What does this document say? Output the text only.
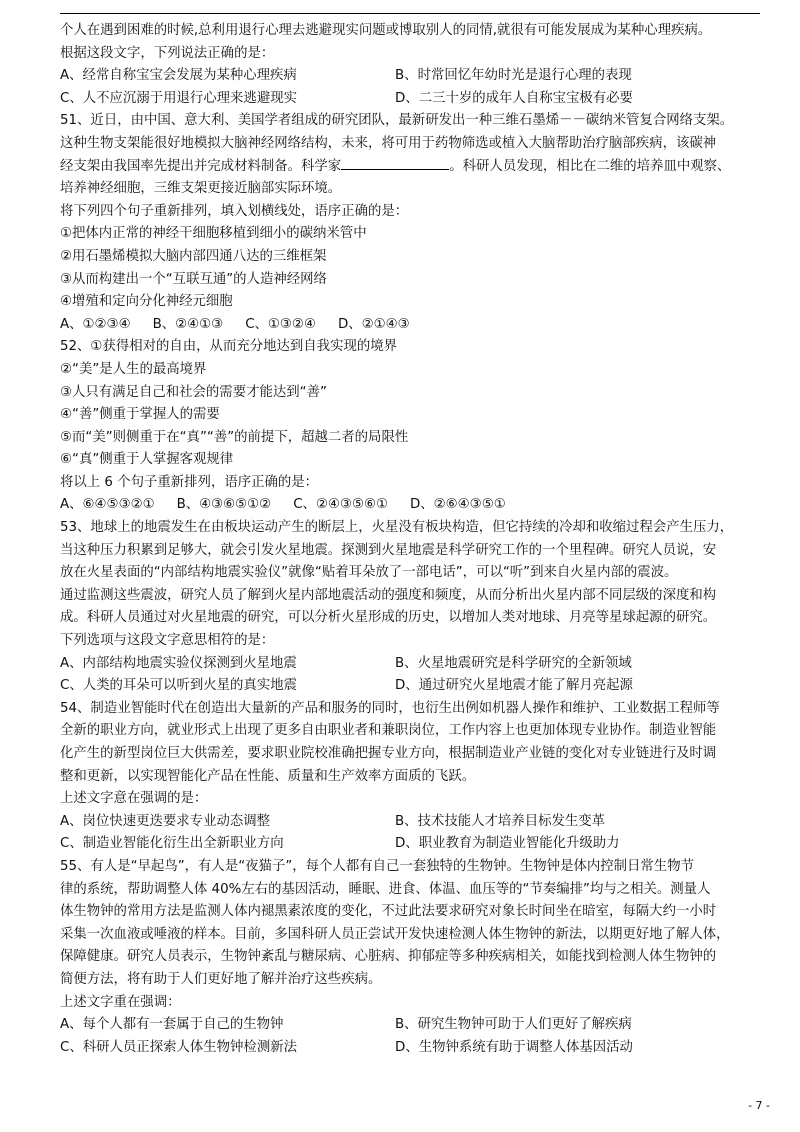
个人在遇到困难的时候,总利用退行心理去逃避现实问题或博取别人的同情,就很有可能发展成为某种心理疾病。
根据这段文字，下列说法正确的是：
A、经常自称宝宝会发展为某种心理疾病	B、时常回忆年幼时光是退行心理的表现
C、人不应沉溺于用退行心理来逃避现实	D、二三十岁的成年人自称宝宝极有必要
51、近日，由中国、意大利、美国学者组成的研究团队，最新研发出一种三维石墨烯－－碳纳米管复合网络支架。
这种生物支架能很好地模拟大脑神经网络结构，未来，将可用于药物筛选或植入大脑帮助治疗脑部疾病，该碳神
经支架由我国率先提出并完成材料制备。科学家	。科研人员发现，相比在二维的培养皿中观察、
培养神经细胞，三维支架更接近脑部实际环境。
将下列四个句子重新排列，填入划横线处，语序正确的是：
①把体内正常的神经干细胞移植到细小的碳纳米管中
②用石墨烯模拟大脑内部四通八达的三维框架
③从而构建出一个“互联互通”的人造神经网络
④增殖和定向分化神经元细胞
A、①②③④ B、②④①③ C、①③②④ D、②①④③
52、①获得相对的自由，从而充分地达到自我实现的境界
②“美”是人生的最高境界
③人只有满足自己和社会的需要才能达到“善”
④“善”侧重于掌握人的需要
⑤而“美”则侧重于在“真”“善”的前提下，超越二者的局限性
⑥“真”侧重于人掌握客观规律
将以上 6 个句子重新排列，语序正确的是：
A、⑥④⑤③②① B、④③⑥⑤①② C、②④③⑤⑥① D、②⑥④③⑤①
53、地球上的地震发生在由板块运动产生的断层上，火星没有板块构造，但它持续的冷却和收缩过程会产生压力，
当这种压力积累到足够大，就会引发火星地震。探测到火星地震是科学研究工作的一个里程碑。研究人员说，安
放在火星表面的“内部结构地震实验仪”就像“贴着耳朵放了一部电话”，可以“听”到来自火星内部的震波。
通过监测这些震波，研究人员了解到火星内部地震活动的强度和频度，从而分析出火星内部不同层级的深度和构
成。科研人员通过对火星地震的研究，可以分析火星形成的历史，以增加人类对地球、月亮等星球起源的研究。
下列选项与这段文字意思相符的是：
A、内部结构地震实验仪探测到火星地震	B、火星地震研究是科学研究的全新领域
C、人类的耳朵可以听到火星的真实地震	D、通过研究火星地震才能了解月亮起源
54、制造业智能时代在创造出大量新的产品和服务的同时，也衍生出例如机器人操作和维护、工业数据工程师等
全新的职业方向，就业形式上出现了更多自由职业者和兼职岗位，工作内容上也更加体现专业协作。制造业智能
化产生的新型岗位巨大供需差，要求职业院校准确把握专业方向，根据制造业产业链的变化对专业链进行及时调
整和更新，以实现智能化产品在性能、质量和生产效率方面质的飞跃。
上述文字意在强调的是：
A、岗位快速更迭要求专业动态调整	B、技术技能人才培养目标发生变革
C、制造业智能化衍生出全新职业方向	D、职业教育为制造业智能化升级助力
55、有人是“早起鸟”，有人是“夜猫子”，每个人都有自己一套独特的生物钟。生物钟是体内控制日常生物节
律的系统，帮助调整人体 40%左右的基因活动，睡眠、进食、体温、血压等的“节奏编排”均与之相关。测量人
体生物钟的常用方法是监测人体内褪黑素浓度的变化，不过此法要求研究对象长时间坐在暗室，每隔大约一小时
采集一次血液或唾液的样本。目前，多国科研人员正尝试开发快速检测人体生物钟的新法，以期更好地了解人体，
保障健康。研究人员表示，生物钟紊乱与糖尿病、心脏病、抑郁症等多种疾病相关，如能找到检测人体生物钟的
简便方法，将有助于人们更好地了解并治疗这些疾病。
上述文字重在强调：
A、每个人都有一套属于自己的生物钟	B、研究生物钟可助于人们更好了解疾病
C、科研人员正探索人体生物钟检测新法	D、生物钟系统有助于调整人体基因活动
- 7 -
